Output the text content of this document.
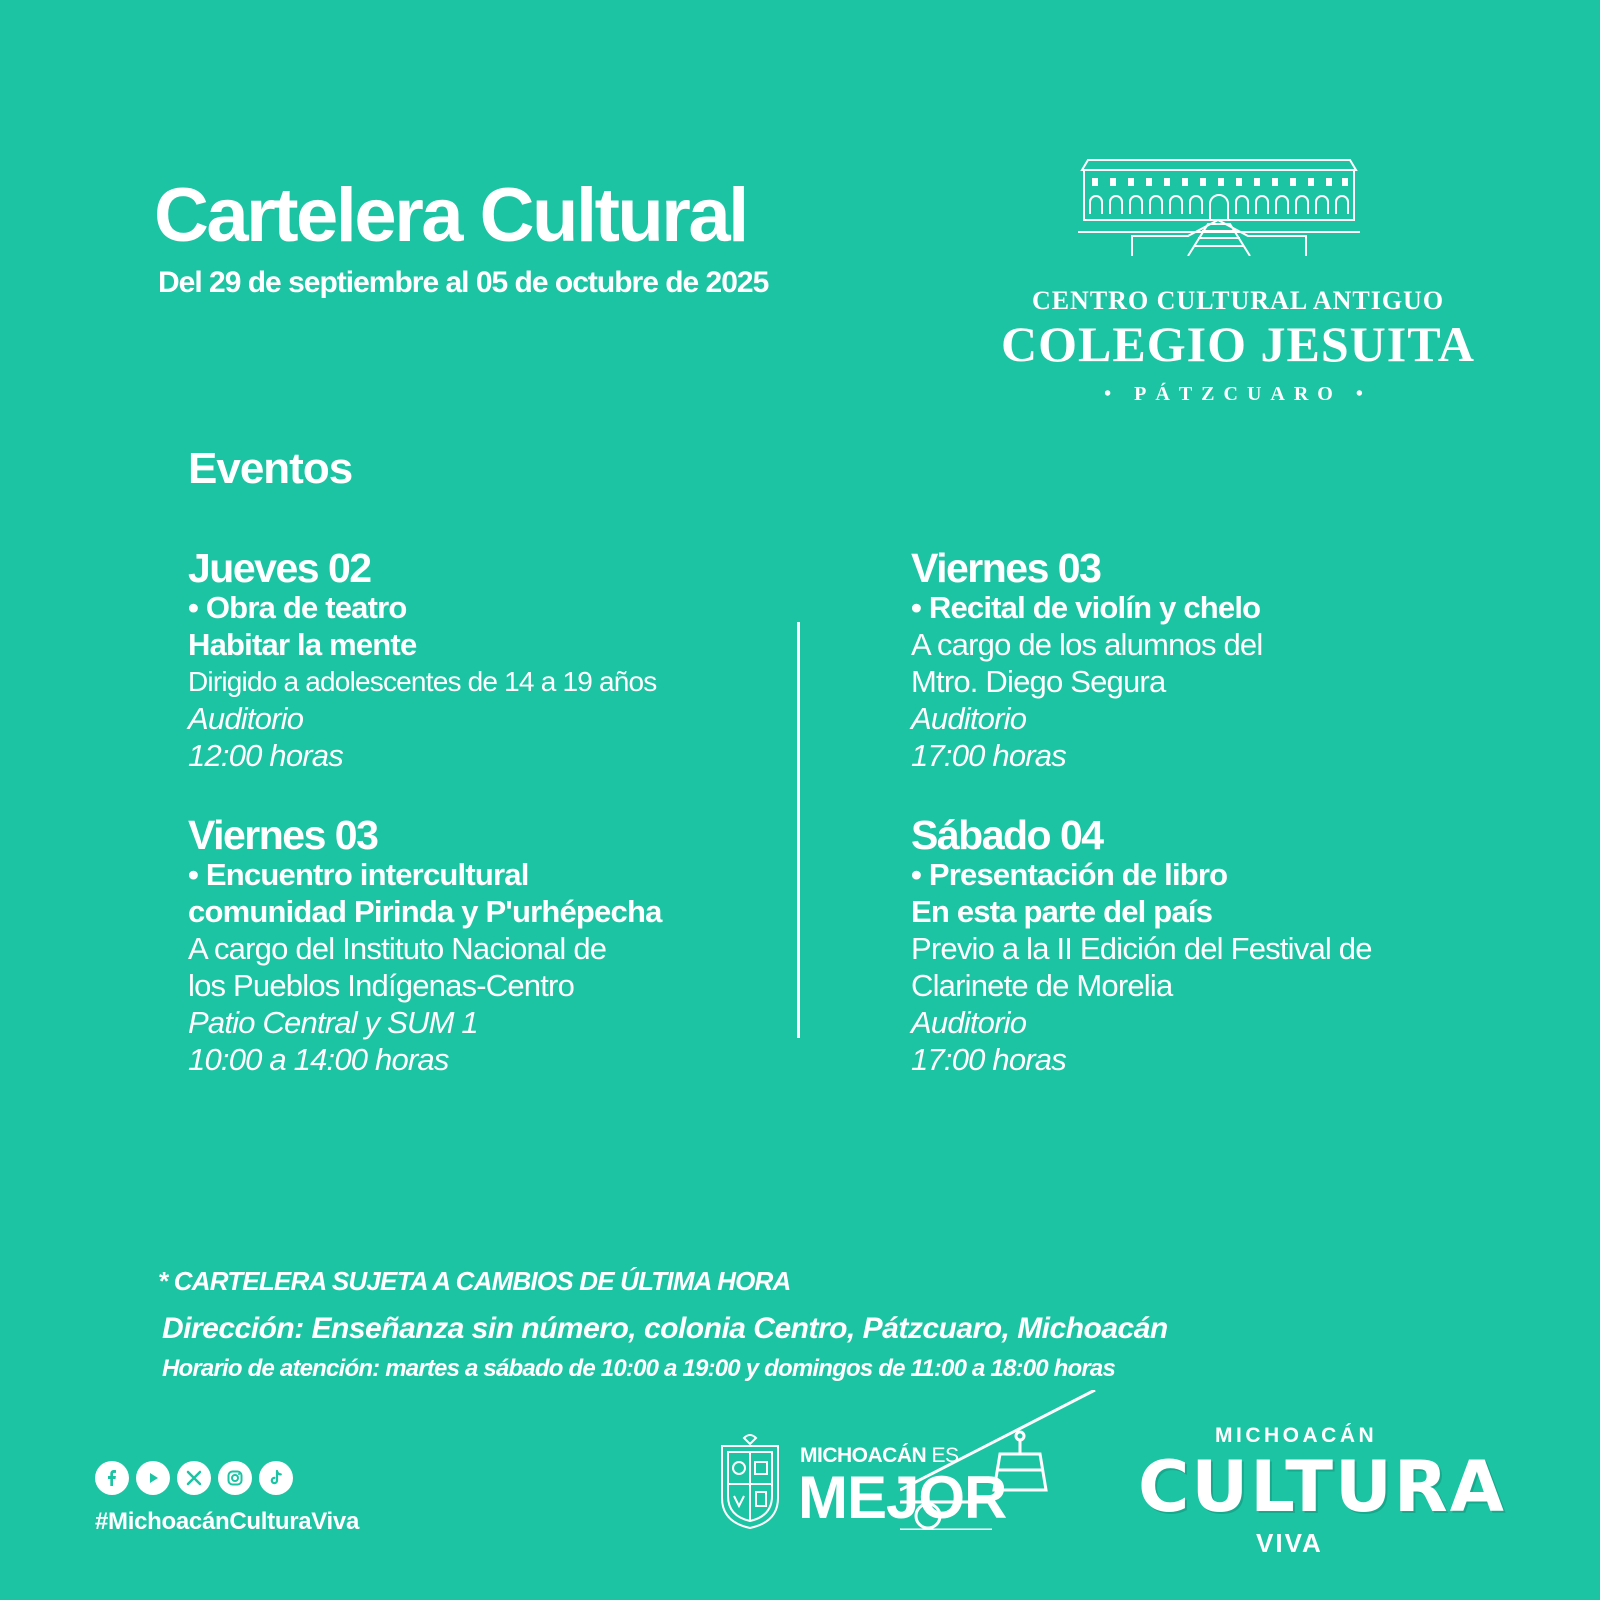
Cartelera Cultural

Del 29 de septiembre al 05 de octubre de 2025

CENTRO CULTURAL ANTIGUO
COLEGIO JESUITA
• PÁTZCUARO •
Eventos
Jueves 02
• Obra de teatro
Habitar la mente
Dirigido a adolescentes de 14 a 19 años
Auditorio
12:00 horas
Viernes 03
• Encuentro intercultural
comunidad Pirinda y P'urhépecha
A cargo del Instituto Nacional de
los Pueblos Indígenas-Centro
Patio Central y SUM 1
10:00 a 14:00 horas
Viernes 03
• Recital de violín y chelo
A cargo de los alumnos del
Mtro. Diego Segura
Auditorio
17:00 horas
Sábado 04
• Presentación de libro
En esta parte del país
Previo a la II Edición del Festival de
Clarinete de Morelia
Auditorio
17:00 horas
* CARTELERA SUJETA A CAMBIOS DE ÚLTIMA HORA
Dirección: Enseñanza sin número, colonia Centro, Pátzcuaro, Michoacán
Horario de atención: martes a sábado de 10:00 a 19:00 y domingos de 11:00 a 18:00 horas
#MichoacánCulturaViva
MICHOACÁN ES
MEJOR
MICHOACÁN
CULTURA
VIVA
